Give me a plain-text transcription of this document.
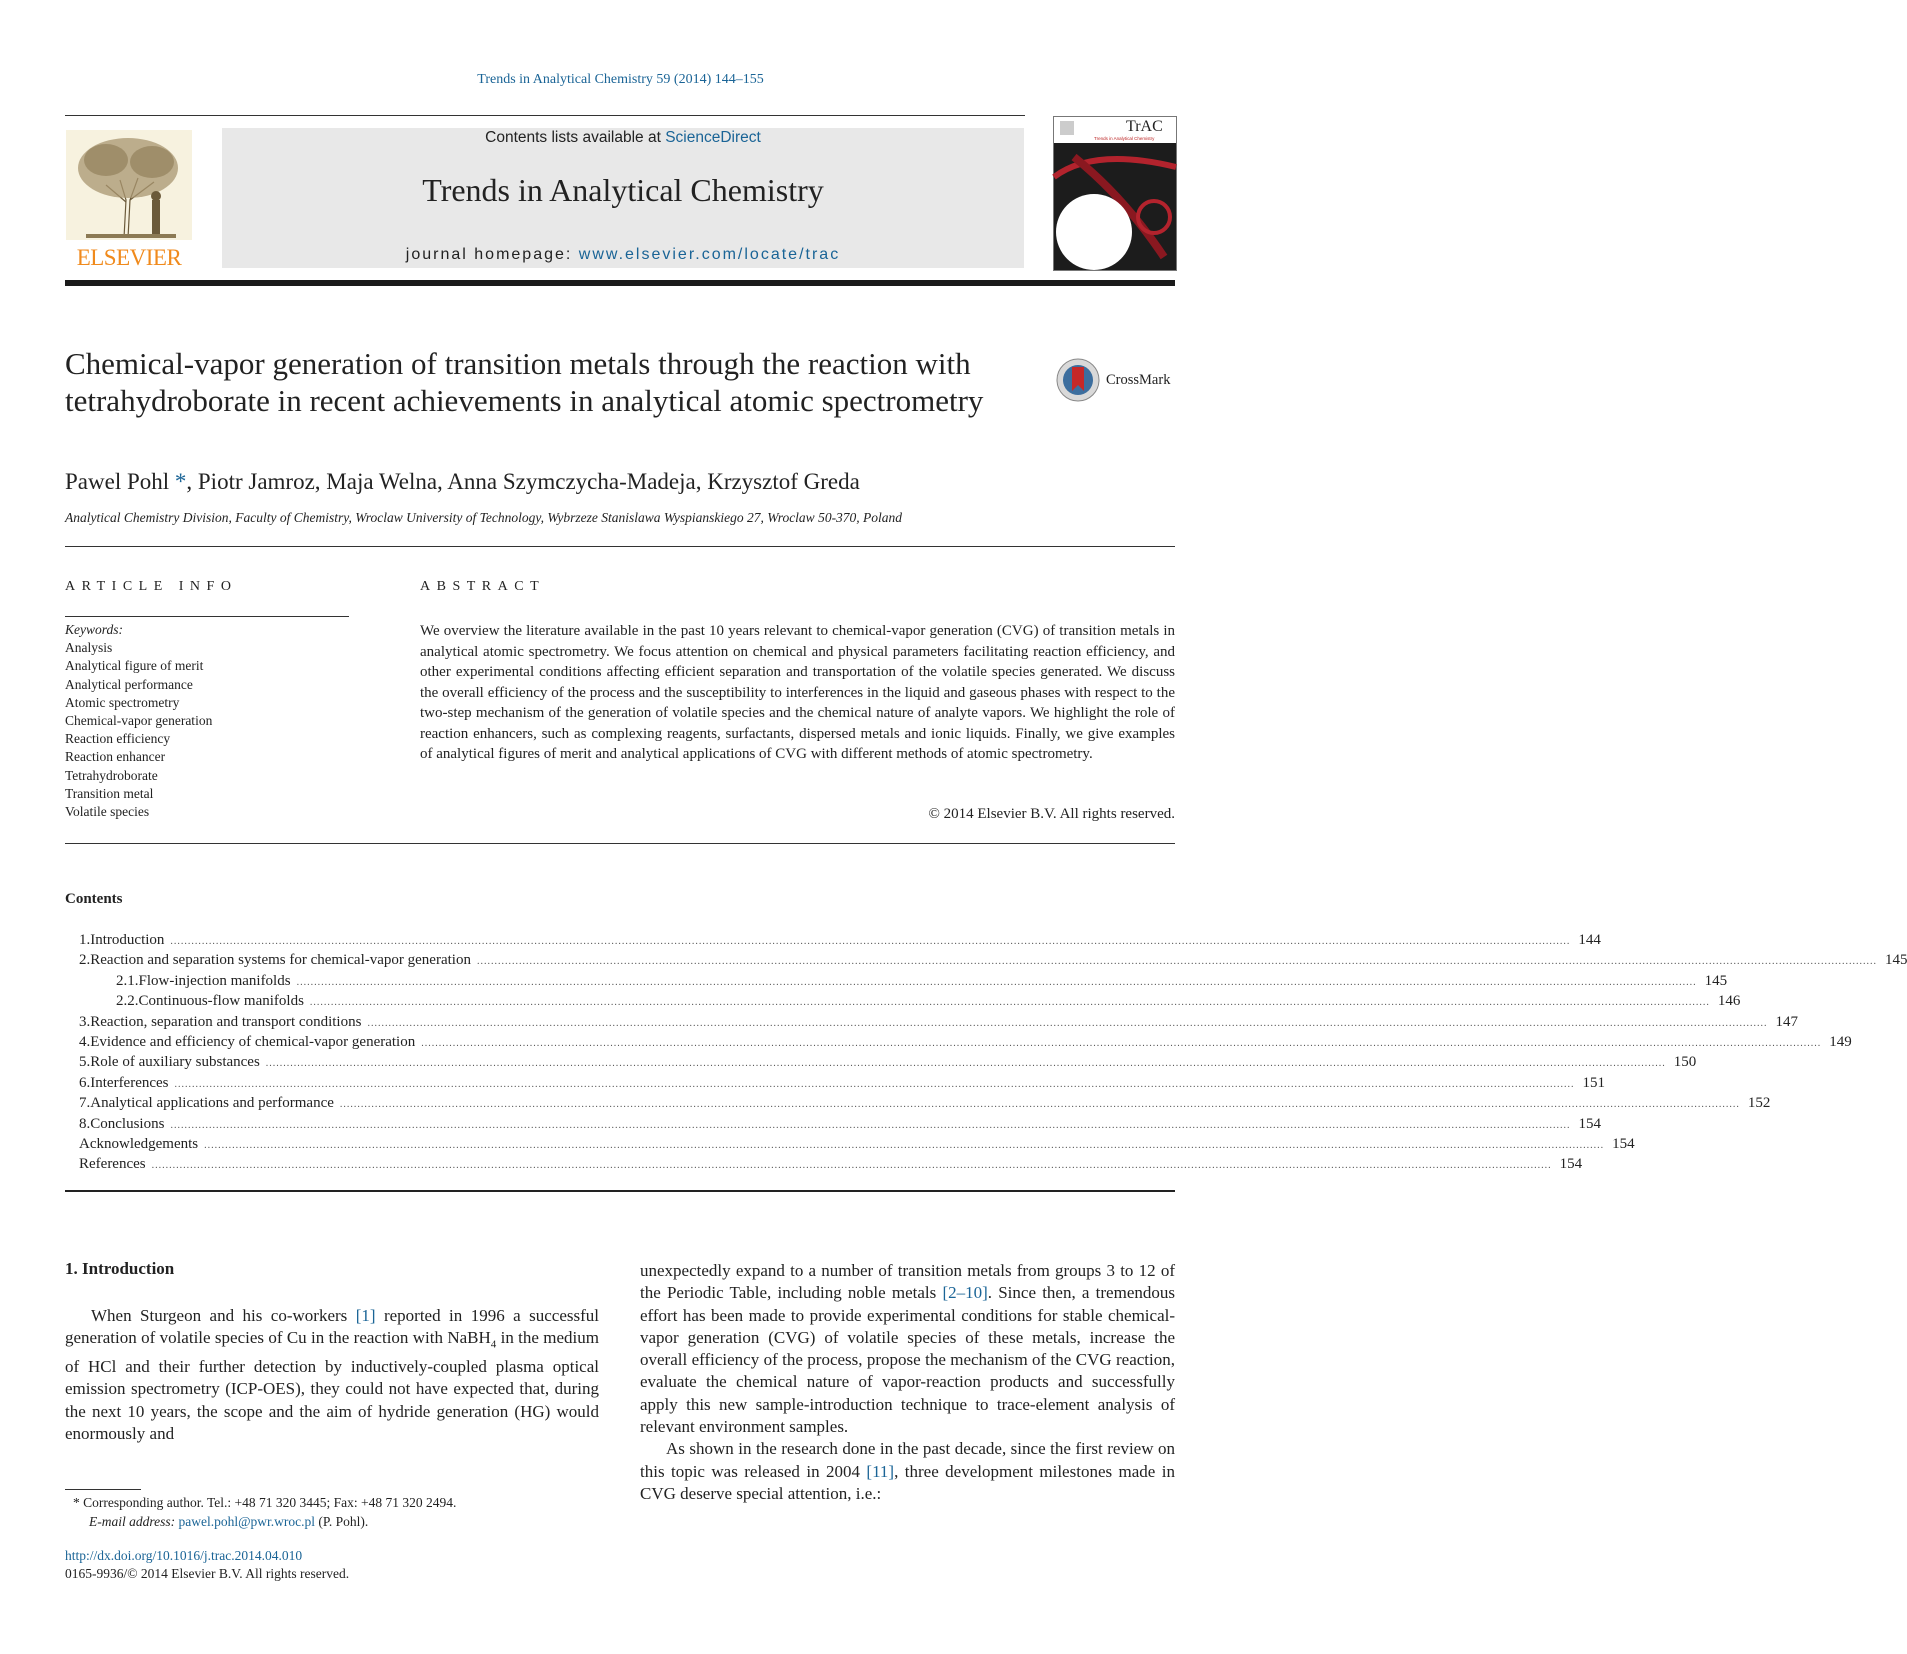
Trends in Analytical Chemistry 59 (2014) 144–155
ELSEVIER
Contents lists available at ScienceDirect
Trends in Analytical Chemistry
journal homepage: www.elsevier.com/locate/trac
TrAC
Trends in Analytical Chemistry
Chemical-vapor generation of transition metals through the reaction with tetrahydroborate in recent achievements in analytical atomic spectrometry
CrossMark
Pawel Pohl *, Piotr Jamroz, Maja Welna, Anna Szymczycha-Madeja, Krzysztof Greda
Analytical Chemistry Division, Faculty of Chemistry, Wroclaw University of Technology, Wybrzeze Stanislawa Wyspianskiego 27, Wroclaw 50-370, Poland
ARTICLE INFO
Keywords:
Analysis
Analytical figure of merit
Analytical performance
Atomic spectrometry
Chemical-vapor generation
Reaction efficiency
Reaction enhancer
Tetrahydroborate
Transition metal
Volatile species
ABSTRACT
We overview the literature available in the past 10 years relevant to chemical-vapor generation (CVG) of transition metals in analytical atomic spectrometry. We focus attention on chemical and physical parameters facilitating reaction efficiency, and other experimental conditions affecting efficient separation and transportation of the volatile species generated. We discuss the overall efficiency of the process and the susceptibility to interferences in the liquid and gaseous phases with respect to the two-step mechanism of the generation of volatile species and the chemical nature of analyte vapors. We highlight the role of reaction enhancers, such as complexing reagents, surfactants, dispersed metals and ionic liquids. Finally, we give examples of analytical figures of merit and analytical applications of CVG with different methods of atomic spectrometry.
© 2014 Elsevier B.V. All rights reserved.
Contents
1. Introduction ................................................................................................................................................................................................................................................................................................................................................................................................................ 144
2. Reaction and separation systems for chemical-vapor generation ................................................................................................................................................................................................................................................................................................................................................................................................................ 145
2.1. Flow-injection manifolds ................................................................................................................................................................................................................................................................................................................................................................................................................ 145
2.2. Continuous-flow manifolds ................................................................................................................................................................................................................................................................................................................................................................................................................ 146
3. Reaction, separation and transport conditions ................................................................................................................................................................................................................................................................................................................................................................................................................ 147
4. Evidence and efficiency of chemical-vapor generation ................................................................................................................................................................................................................................................................................................................................................................................................................ 149
5. Role of auxiliary substances ................................................................................................................................................................................................................................................................................................................................................................................................................ 150
6. Interferences ................................................................................................................................................................................................................................................................................................................................................................................................................ 151
7. Analytical applications and performance ................................................................................................................................................................................................................................................................................................................................................................................................................ 152
8. Conclusions ................................................................................................................................................................................................................................................................................................................................................................................................................ 154
Acknowledgements ................................................................................................................................................................................................................................................................................................................................................................................................................ 154
References ................................................................................................................................................................................................................................................................................................................................................................................................................ 154
1. Introduction

When Sturgeon and his co-workers [1] reported in 1996 a successful generation of volatile species of Cu in the reaction with NaBH$_4$ in the medium of HCl and their further detection by inductively-coupled plasma optical emission spectrometry (ICP-OES), they could not have expected that, during the next 10 years, the scope and the aim of hydride generation (HG) would enormously and

unexpectedly expand to a number of transition metals from groups 3 to 12 of the Periodic Table, including noble metals [2–10]. Since then, a tremendous effort has been made to provide experimental conditions for stable chemical-vapor generation (CVG) of volatile species of these metals, increase the overall efficiency of the process, propose the mechanism of the CVG reaction, evaluate the chemical nature of vapor-reaction products and successfully apply this new sample-introduction technique to trace-element analysis of relevant environment samples.

As shown in the research done in the past decade, since the first review on this topic was released in 2004 [11], three development milestones made in CVG deserve special attention, i.e.:

* Corresponding author. Tel.: +48 71 320 3445; Fax: +48 71 320 2494.
E-mail address: pawel.pohl@pwr.wroc.pl (P. Pohl).
http://dx.doi.org/10.1016/j.trac.2014.04.010
0165-9936/© 2014 Elsevier B.V. All rights reserved.
